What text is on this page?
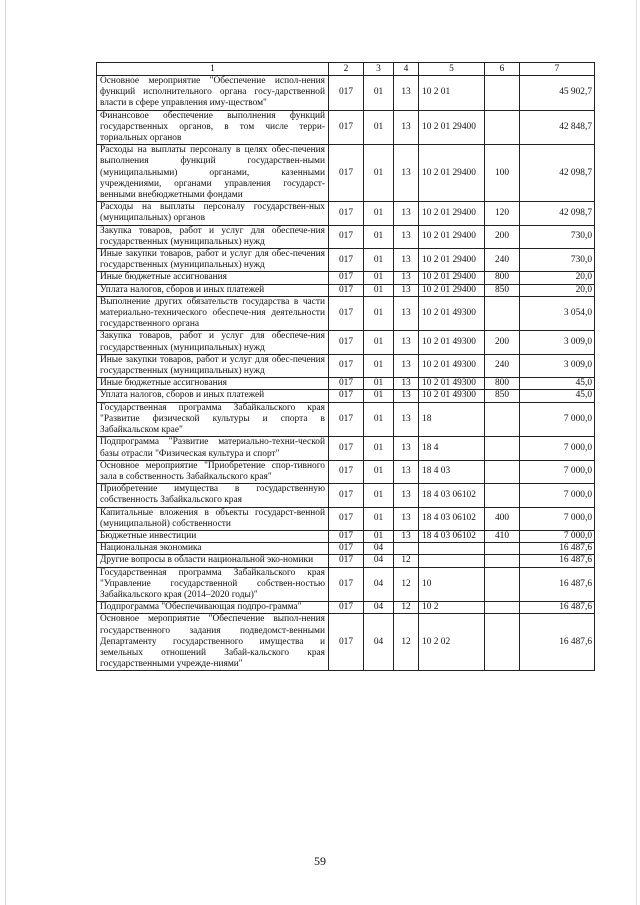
1	2	3	4	5	6	7
Основное мероприятие "Обеспечение испол-нения функций исполнительного органа госу-дарственной власти в сфере управления иму-ществом"	017	01	13	10 2 01		45 902,7
Финансовое обеспечение выполнения функций государственных органов, в том числе терри-ториальных органов	017	01	13	10 2 01 29400		42 848,7
Расходы на выплаты персоналу в целях обес-печения выполнения функций государствен-ными (муниципальными) органами, казенными учреждениями, органами управления государст-венными внебюджетными фондами	017	01	13	10 2 01 29400	100	42 098,7
Расходы на выплаты персоналу государствен-ных (муниципальных) органов	017	01	13	10 2 01 29400	120	42 098,7
Закупка товаров, работ и услуг для обеспече-ния государственных (муниципальных) нужд	017	01	13	10 2 01 29400	200	730,0
Иные закупки товаров, работ и услуг для обес-печения государственных (муниципальных) нужд	017	01	13	10 2 01 29400	240	730,0
Иные бюджетные ассигнования	017	01	13	10 2 01 29400	800	20,0
Уплата налогов, сборов и иных платежей	017	01	13	10 2 01 29400	850	20,0
Выполнение других обязательств государства в части материально-технического обеспече-ния деятельности государственного органа	017	01	13	10 2 01 49300		3 054,0
Закупка товаров, работ и услуг для обеспече-ния государственных (муниципальных) нужд	017	01	13	10 2 01 49300	200	3 009,0
Иные закупки товаров, работ и услуг для обес-печения государственных (муниципальных) нужд	017	01	13	10 2 01 49300	240	3 009,0
Иные бюджетные ассигнования	017	01	13	10 2 01 49300	800	45,0
Уплата налогов, сборов и иных платежей	017	01	13	10 2 01 49300	850	45,0
Государственная программа Забайкальского края "Развитие физической культуры и спорта в Забайкальском крае"	017	01	13	18		7 000,0
Подпрограмма "Развитие материально-техни-ческой базы отрасли "Физическая культура и спорт"	017	01	13	18 4		7 000,0
Основное мероприятие "Приобретение спор-тивного зала в собственность Забайкальского края"	017	01	13	18 4 03		7 000,0
Приобретение имущества в государственную собственность Забайкальского края	017	01	13	18 4 03 06102		7 000,0
Капитальные вложения в объекты государст-венной (муниципальной) собственности	017	01	13	18 4 03 06102	400	7 000,0
Бюджетные инвестиции	017	01	13	18 4 03 06102	410	7 000,0
Национальная экономика	017	04				16 487,6
Другие вопросы в области национальной эко-номики	017	04	12			16 487,6
Государственная программа Забайкальского края "Управление государственной собствен-ностью Забайкальского края (2014–2020 годы)"	017	04	12	10		16 487,6
Подпрограмма "Обеспечивающая подпро-грамма"	017	04	12	10 2		16 487,6
Основное мероприятие "Обеспечение выпол-нения государственного задания подведомст-венными Департаменту государственного имущества и земельных отношений Забай-кальского края государственными учрежде-ниями"	017	04	12	10 2 02		16 487,6
59
